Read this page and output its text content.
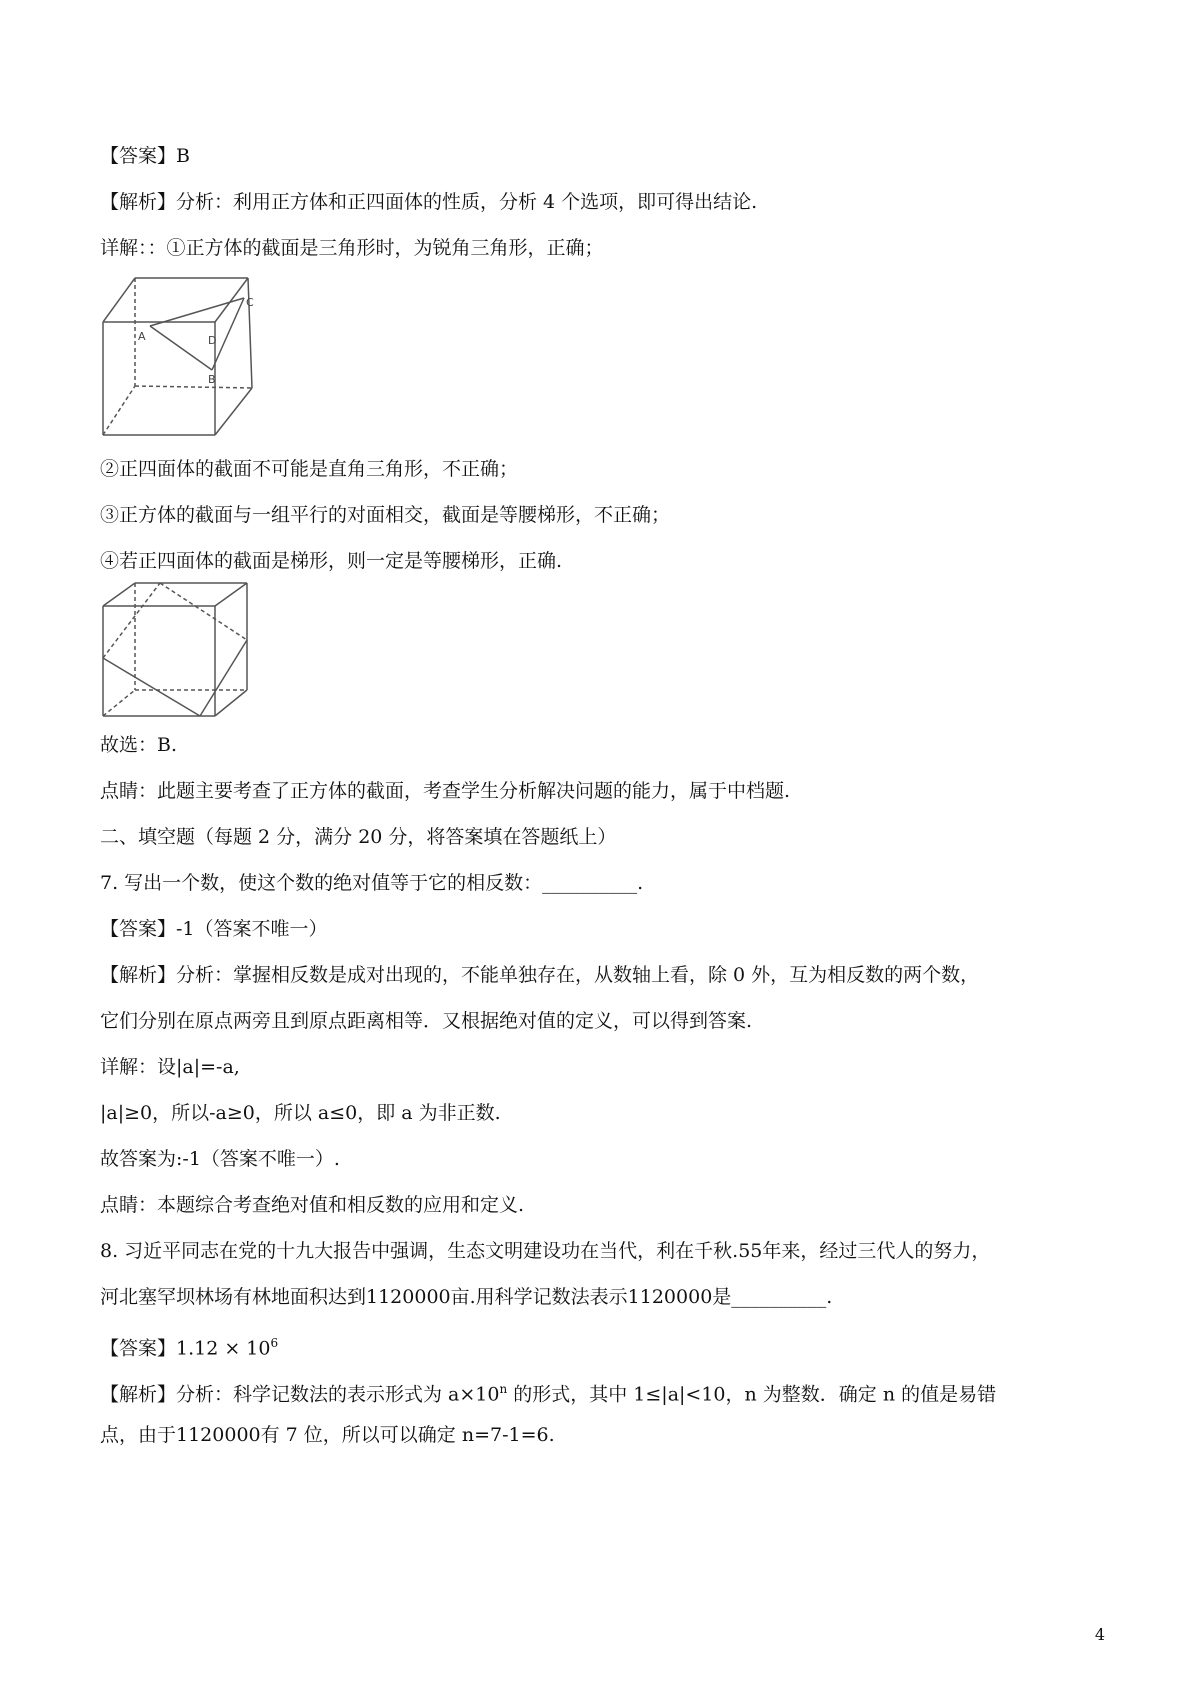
【答案】B
【解析】分析：利用正方体和正四面体的性质，分析 4 个选项，即可得出结论.
详解：：①正方体的截面是三角形时，为锐角三角形，正确；
A
B
C
D
②正四面体的截面不可能是直角三角形，不正确；
③正方体的截面与一组平行的对面相交，截面是等腰梯形，不正确；
④若正四面体的截面是梯形，则一定是等腰梯形，正确.
故选：B.
点睛：此题主要考查了正方体的截面，考查学生分析解决问题的能力，属于中档题.
二、填空题（每题 2 分，满分 20 分，将答案填在答题纸上）
7. 写出一个数，使这个数的绝对值等于它的相反数：__________.
【答案】-1（答案不唯一）
【解析】分析：掌握相反数是成对出现的，不能单独存在，从数轴上看，除 0 外，互为相反数的两个数，
它们分别在原点两旁且到原点距离相等．又根据绝对值的定义，可以得到答案.
详解：设|a|=-a,
|a|≥0，所以-a≥0，所以 a≤0，即 a 为非正数.
故答案为:-1（答案不唯一）.
点睛：本题综合考查绝对值和相反数的应用和定义.
8. 习近平同志在党的十九大报告中强调，生态文明建设功在当代，利在千秋.55年来，经过三代人的努力，
河北塞罕坝林场有林地面积达到1120000亩.用科学记数法表示1120000是__________.
【答案】$1.12 \times 10^6$
【解析】分析：科学记数法的表示形式为 $a\times 10^n$ 的形式，其中 1≤|a|<10，n 为整数．确定 n 的值是易错
点，由于1120000有 7 位，所以可以确定 n=7-1=6.
4
